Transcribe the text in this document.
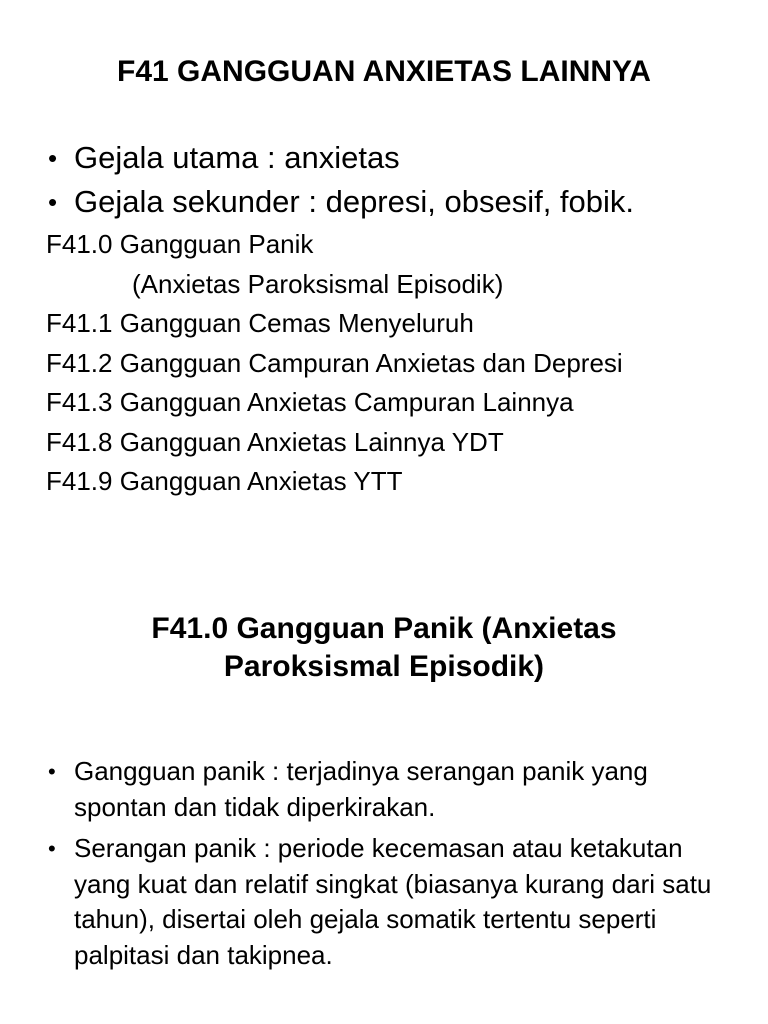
F41 GANGGUAN ANXIETAS LAINNYA
• Gejala utama : anxietas
• Gejala sekunder : depresi, obsesif, fobik.
F41.0 Gangguan Panik
(Anxietas Paroksismal Episodik)
F41.1 Gangguan Cemas Menyeluruh
F41.2 Gangguan Campuran Anxietas dan Depresi
F41.3 Gangguan Anxietas Campuran Lainnya
F41.8 Gangguan Anxietas Lainnya YDT
F41.9 Gangguan Anxietas YTT
F41.0 Gangguan Panik (Anxietas
Paroksismal Episodik)
• Gangguan panik : terjadinya serangan panik yang spontan dan tidak diperkirakan.
• Serangan panik : periode kecemasan atau ketakutan yang kuat dan relatif singkat (biasanya kurang dari satu tahun), disertai oleh gejala somatik tertentu seperti palpitasi dan takipnea.
